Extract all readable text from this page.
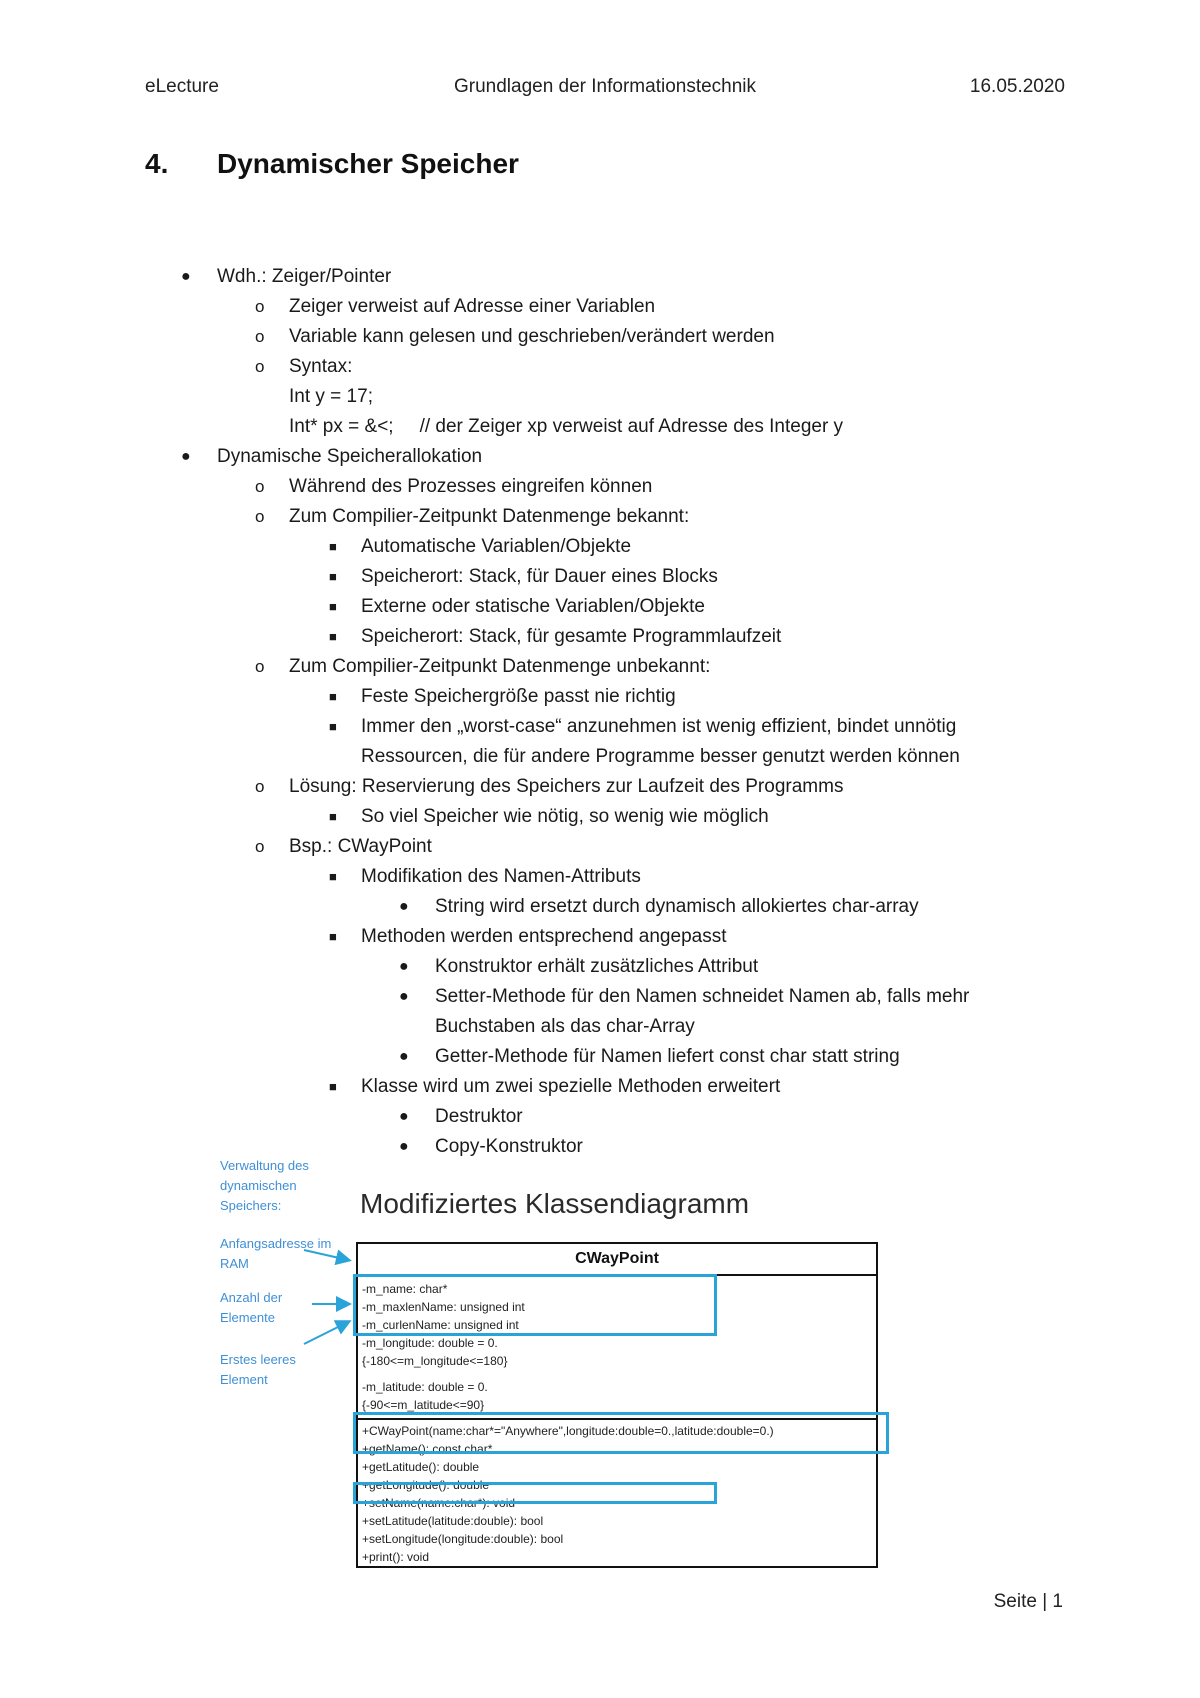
eLecture	Grundlagen der Informationstechnik	16.05.2020
4. Dynamischer Speicher
● Wdh.: Zeiger/Pointer
o Zeiger verweist auf Adresse einer Variablen
o Variable kann gelesen und geschrieben/verändert werden
o Syntax:
Int y = 17;
Int* px = &<; // der Zeiger xp verweist auf Adresse des Integer y
● Dynamische Speicherallokation
o Während des Prozesses eingreifen können
o Zum Compilier-Zeitpunkt Datenmenge bekannt:
■ Automatische Variablen/Objekte
■ Speicherort: Stack, für Dauer eines Blocks
■ Externe oder statische Variablen/Objekte
■ Speicherort: Stack, für gesamte Programmlaufzeit
o Zum Compilier-Zeitpunkt Datenmenge unbekannt:
■ Feste Speichergröße passt nie richtig
■ Immer den „worst-case“ anzunehmen ist wenig effizient, bindet unnötig Ressourcen, die für andere Programme besser genutzt werden können
o Lösung: Reservierung des Speichers zur Laufzeit des Programms
■ So viel Speicher wie nötig, so wenig wie möglich
o Bsp.: CWayPoint
■ Modifikation des Namen-Attributs
● String wird ersetzt durch dynamisch allokiertes char-array
■ Methoden werden entsprechend angepasst
● Konstruktor erhält zusätzliches Attribut
● Setter-Methode für den Namen schneidet Namen ab, falls mehr Buchstaben als das char-Array
● Getter-Methode für Namen liefert const char statt string
■ Klasse wird um zwei spezielle Methoden erweitert
● Destruktor
● Copy-Konstruktor
Verwaltung des dynamischen Speichers:
Anfangsadresse im RAM
Anzahl der Elemente
Erstes leeres Element
Modifiziertes Klassendiagramm
CWayPoint
-m_name: char*
-m_maxlenName: unsigned int
-m_curlenName: unsigned int
-m_longitude: double = 0.
{-180<=m_longitude<=180}
-m_latitude: double = 0.
{-90<=m_latitude<=90}
+CWayPoint(name:char*="Anywhere",longitude:double=0.,latitude:double=0.)
+getName(): const char*
+getLatitude(): double
+getLongitude(): double
+setName(name:char*): void
+setLatitude(latitude:double): bool
+setLongitude(longitude:double): bool
+print(): void
Seite | 1
